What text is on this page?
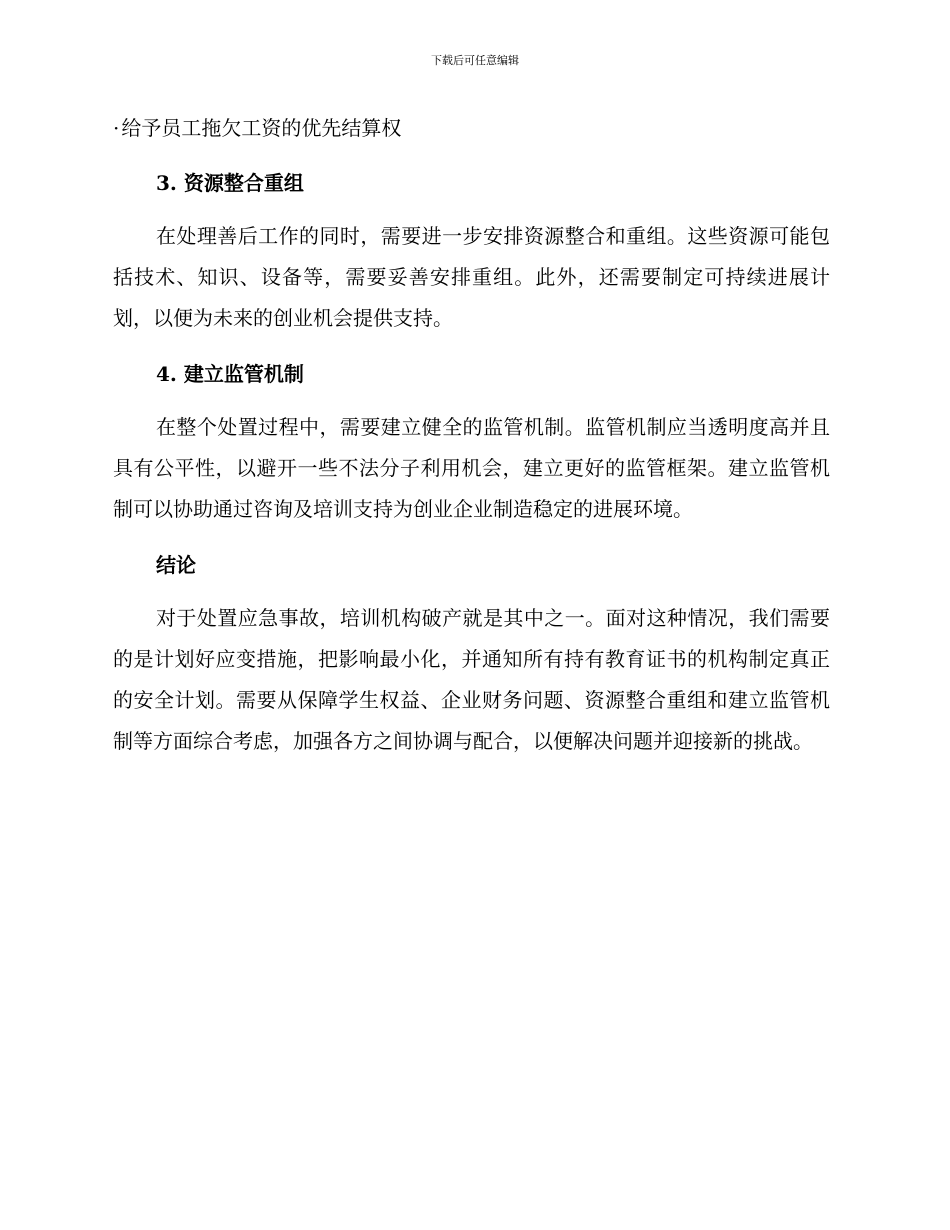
下载后可任意编辑

· 给予员工拖欠工资的优先结算权

3. 资源整合重组

在处理善后工作的同时，需要进一步安排资源整合和重组。这些资源可能包括技术、知识、设备等，需要妥善安排重组。此外，还需要制定可持续进展计划，以便为未来的创业机会提供支持。

4. 建立监管机制

在整个处置过程中，需要建立健全的监管机制。监管机制应当透明度高并且具有公平性，以避开一些不法分子利用机会，建立更好的监管框架。建立监管机制可以协助通过咨询及培训支持为创业企业制造稳定的进展环境。

结论

对于处置应急事故，培训机构破产就是其中之一。面对这种情况，我们需要的是计划好应变措施，把影响最小化，并通知所有持有教育证书的机构制定真正的安全计划。需要从保障学生权益、企业财务问题、资源整合重组和建立监管机制等方面综合考虑，加强各方之间协调与配合，以便解决问题并迎接新的挑战。
